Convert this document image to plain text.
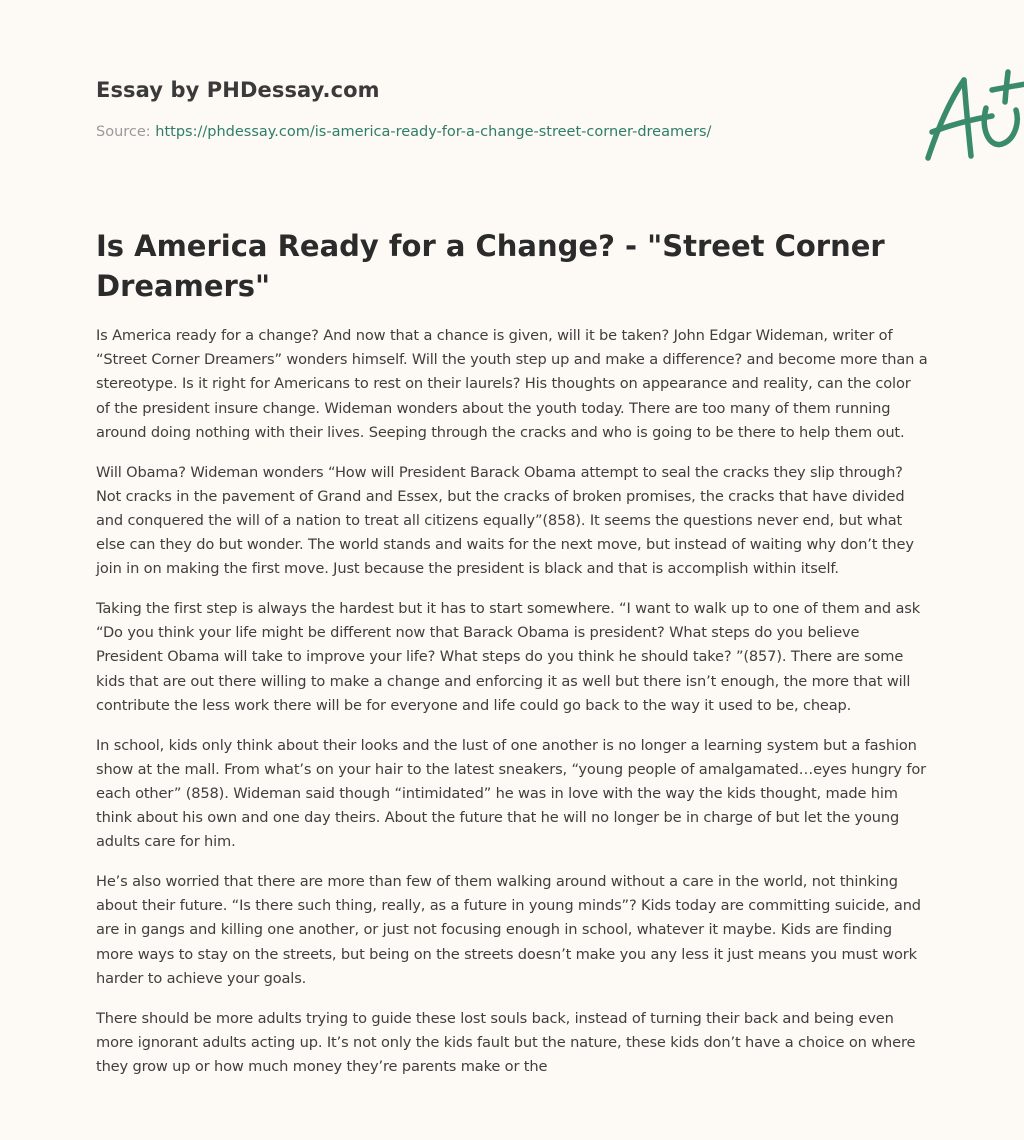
Essay by PHDessay.com
Source: https://phdessay.com/is-america-ready-for-a-change-street-corner-dreamers/
Is America Ready for a Change? - "Street Corner Dreamers"

Is America ready for a change? And now that a chance is given, will it be taken? John Edgar Wideman, writer of “Street Corner Dreamers” wonders himself. Will the youth step up and make a difference? and become more than a stereotype. Is it right for Americans to rest on their laurels? His thoughts on appearance and reality, can the color of the president insure change. Wideman wonders about the youth today. There are too many of them running around doing nothing with their lives. Seeping through the cracks and who is going to be there to help them out.

Will Obama? Wideman wonders “How will President Barack Obama attempt to seal the cracks they slip through? Not cracks in the pavement of Grand and Essex, but the cracks of broken promises, the cracks that have divided and conquered the will of a nation to treat all citizens equally”(858). It seems the questions never end, but what else can they do but wonder. The world stands and waits for the next move, but instead of waiting why don’t they join in on making the first move. Just because the president is black and that is accomplish within itself.

Taking the first step is always the hardest but it has to start somewhere. “I want to walk up to one of them and ask “Do you think your life might be different now that Barack Obama is president? What steps do you believe President Obama will take to improve your life? What steps do you think he should take? ”(857). There are some kids that are out there willing to make a change and enforcing it as well but there isn’t enough, the more that will contribute the less work there will be for everyone and life could go back to the way it used to be, cheap.

In school, kids only think about their looks and the lust of one another is no longer a learning system but a fashion show at the mall. From what’s on your hair to the latest sneakers, “young people of amalgamated…eyes hungry for each other” (858). Wideman said though “intimidated” he was in love with the way the kids thought, made him think about his own and one day theirs. About the future that he will no longer be in charge of but let the young adults care for him.

He’s also worried that there are more than few of them walking around without a care in the world, not thinking about their future. “Is there such thing, really, as a future in young minds”? Kids today are committing suicide, and are in gangs and killing one another, or just not focusing enough in school, whatever it maybe. Kids are finding more ways to stay on the streets, but being on the streets doesn’t make you any less it just means you must work harder to achieve your goals.

There should be more adults trying to guide these lost souls back, instead of turning their back and being even more ignorant adults acting up. It’s not only the kids fault but the nature, these kids don’t have a choice on where they grow up or how much money they’re parents make or the
